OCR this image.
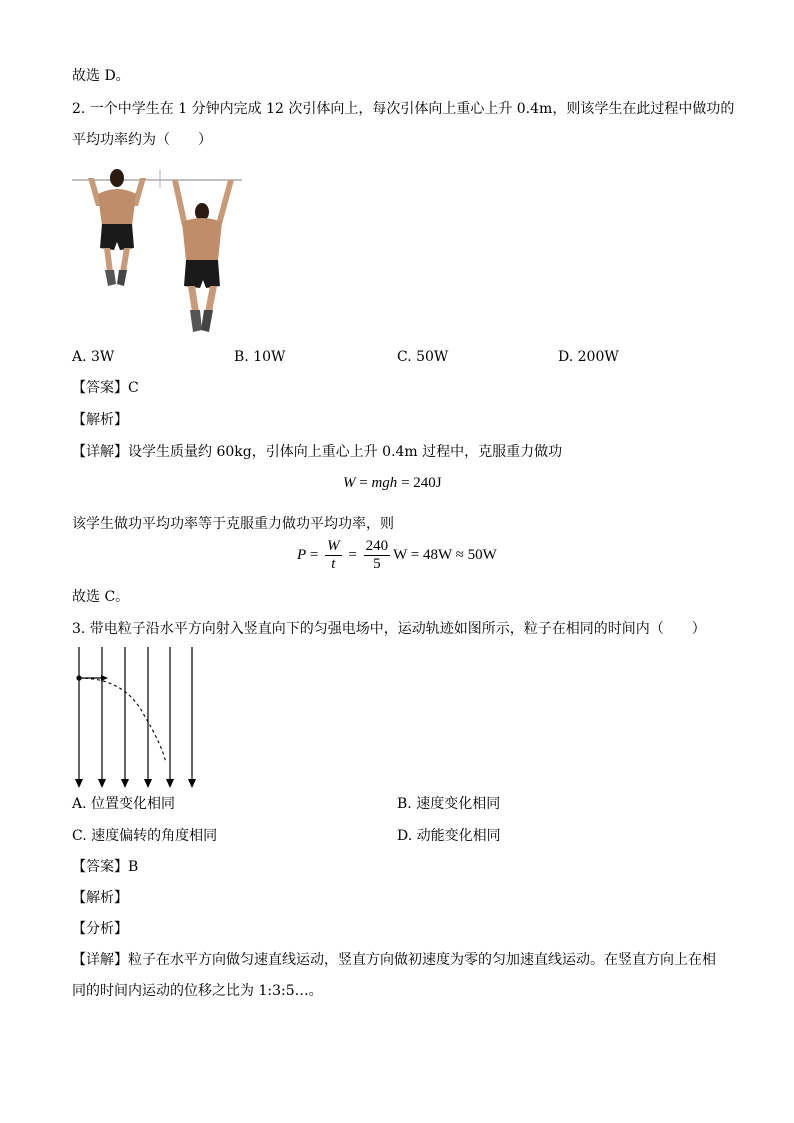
故选 D。
2. 一个中学生在 1 分钟内完成 12 次引体向上，每次引体向上重心上升 0.4m，则该学生在此过程中做功的
平均功率约为（　　）
A. 3W	B. 10W	C. 50W	D. 200W
【答案】C
【解析】
【详解】设学生质量约 60kg，引体向上重心上升 0.4m 过程中，克服重力做功
W = mgh = 240J
该学生做功平均功率等于克服重力做功平均功率，则
$P = \frac{W}{t} = \frac{240}{5}$ W = 48W ≈ 50W
故选 C。
3. 带电粒子沿水平方向射入竖直向下的匀强电场中，运动轨迹如图所示，粒子在相同的时间内（　　）
A. 位置变化相同	B. 速度变化相同
C. 速度偏转的角度相同	D. 动能变化相同
【答案】B
【解析】
【分析】
【详解】粒子在水平方向做匀速直线运动，竖直方向做初速度为零的匀加速直线运动。在竖直方向上在相
同的时间内运动的位移之比为 1:3:5…。
